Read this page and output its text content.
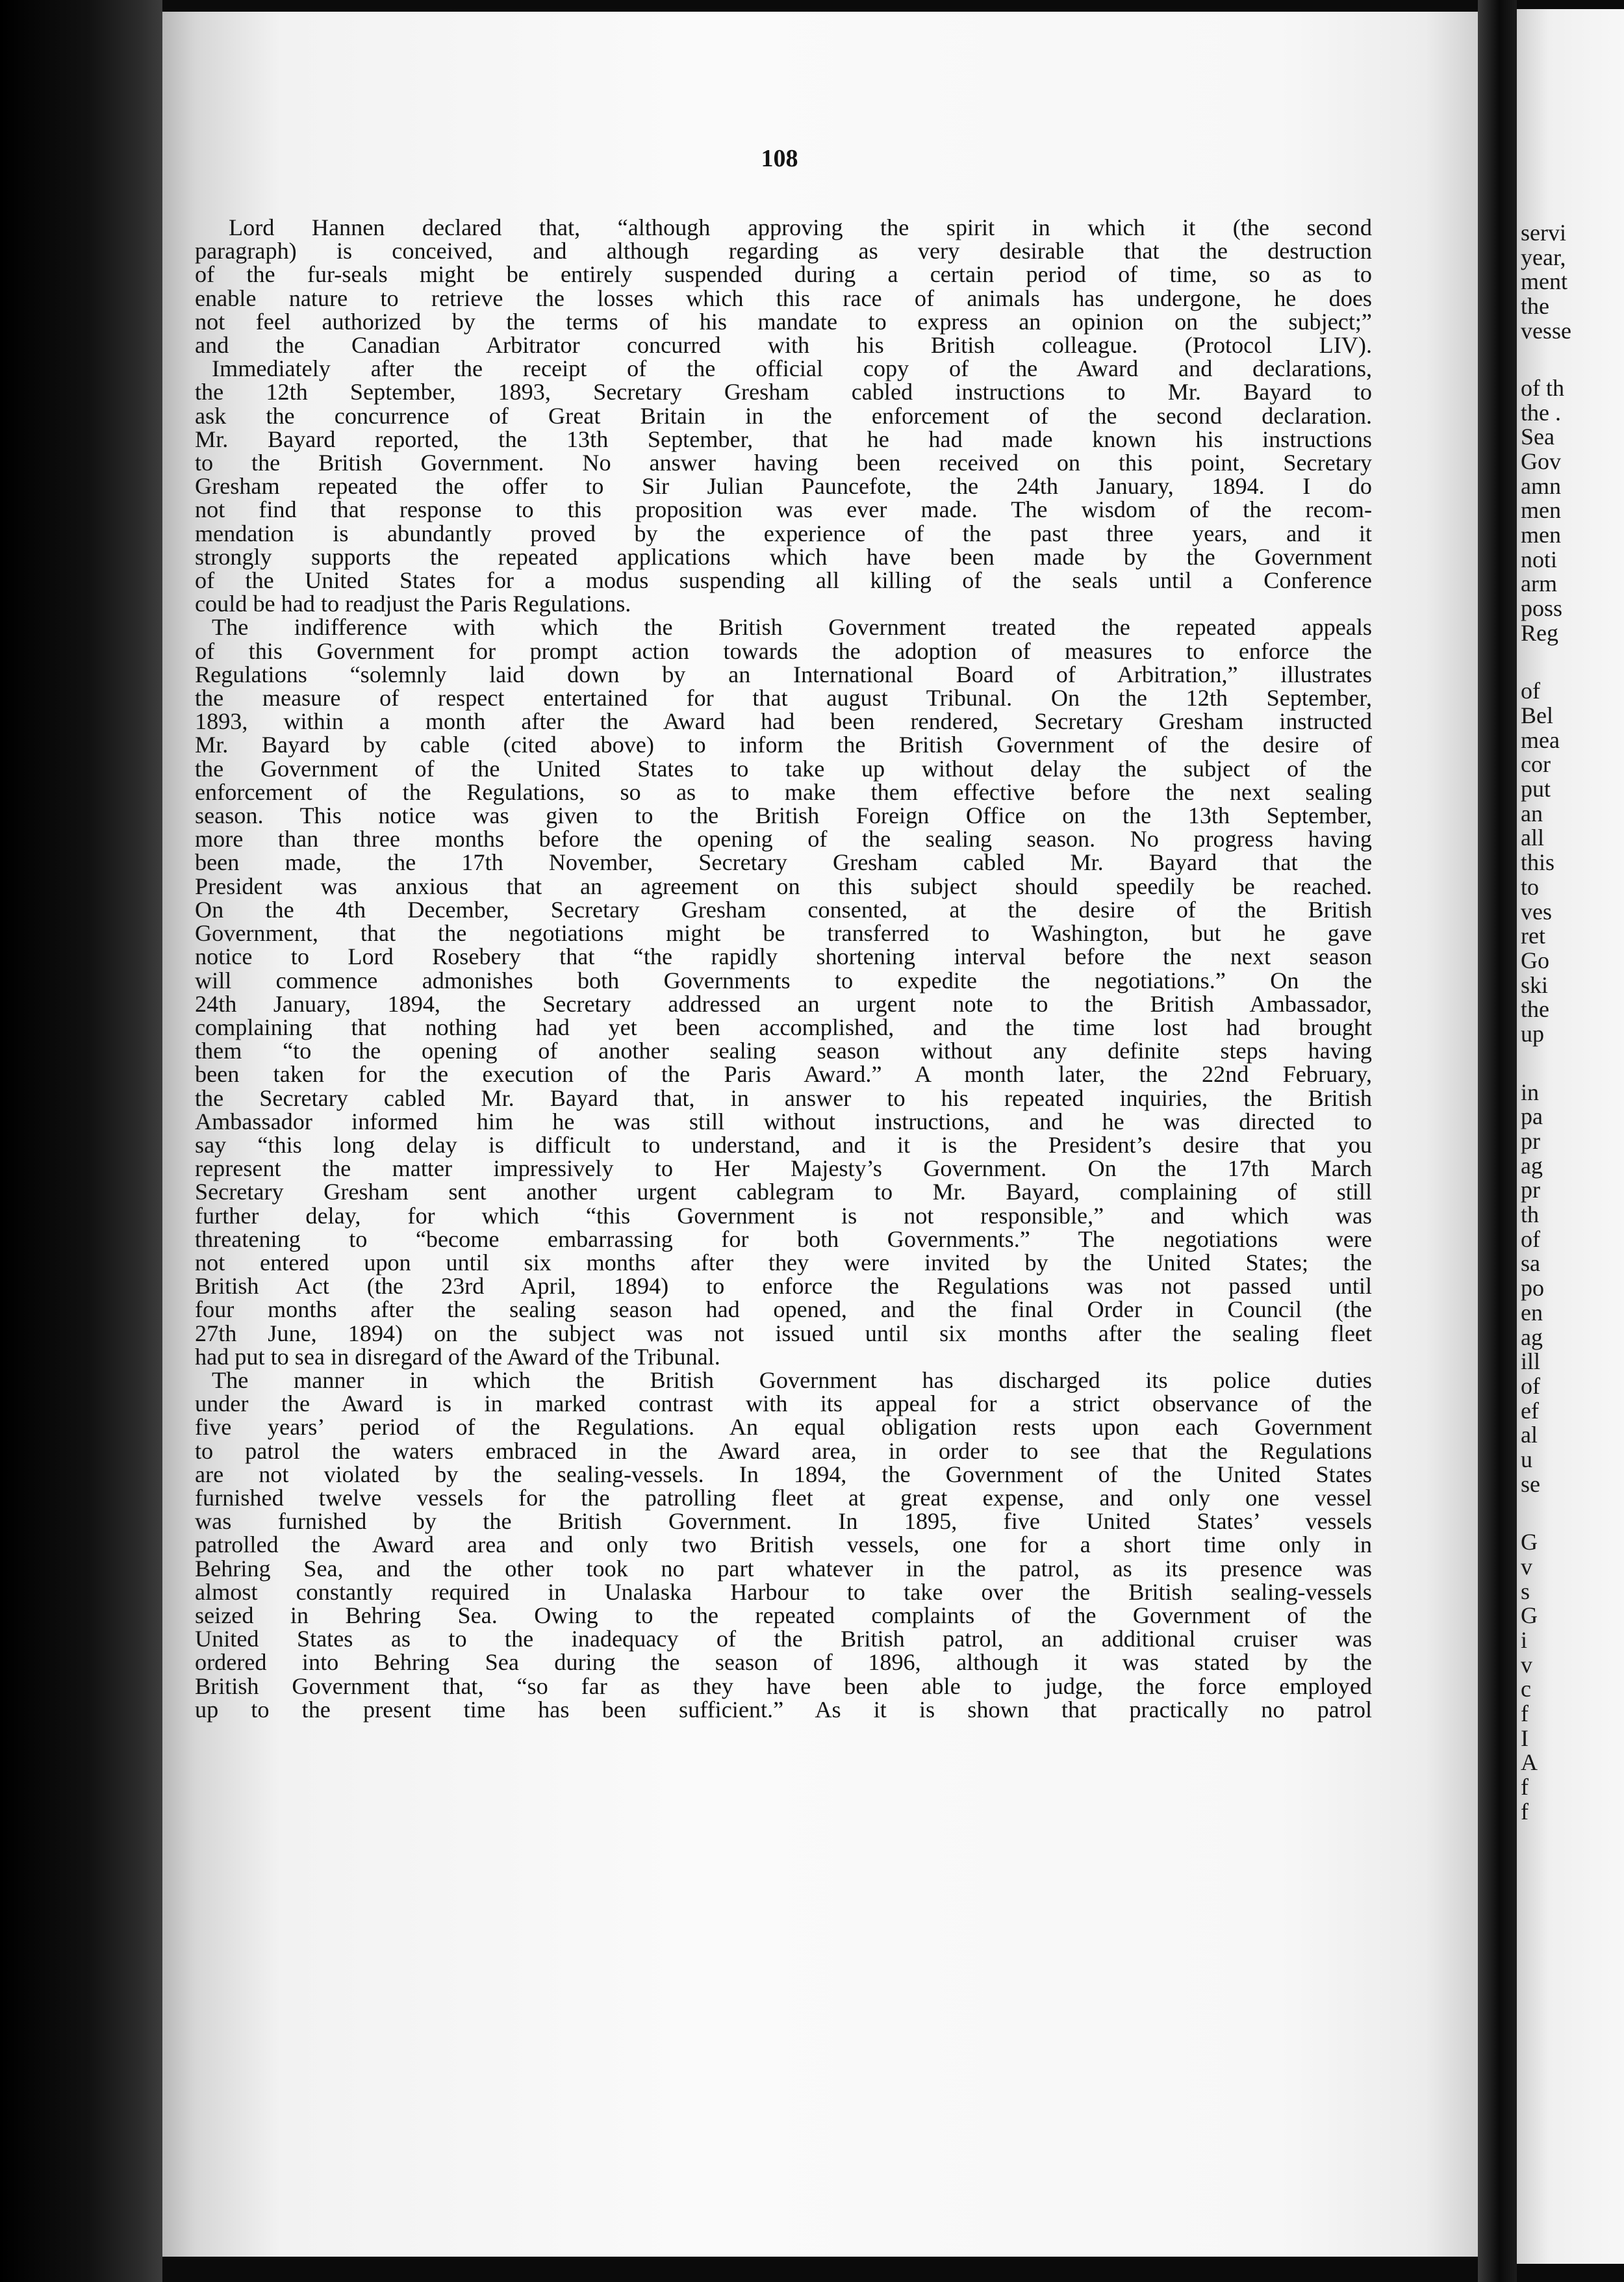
108
Lord Hannen declared that, “although approving the spirit in which it (the second
paragraph) is conceived, and although regarding as very desirable that the destruction
of the fur-seals might be entirely suspended during a certain period of time, so as to
enable nature to retrieve the losses which this race of animals has undergone, he does
not feel authorized by the terms of his mandate to express an opinion on the subject;”
and the Canadian Arbitrator concurred with his British colleague. (Protocol LIV).
Immediately after the receipt of the official copy of the Award and declarations,
the 12th September, 1893, Secretary Gresham cabled instructions to Mr. Bayard to
ask the concurrence of Great Britain in the enforcement of the second declaration.
Mr. Bayard reported, the 13th September, that he had made known his instructions
to the British Government. No answer having been received on this point, Secretary
Gresham repeated the offer to Sir Julian Pauncefote, the 24th January, 1894. I do
not find that response to this proposition was ever made. The wisdom of the recom-
mendation is abundantly proved by the experience of the past three years, and it
strongly supports the repeated applications which have been made by the Government
of the United States for a modus suspending all killing of the seals until a Conference
could be had to readjust the Paris Regulations.
The indifference with which the British Government treated the repeated appeals
of this Government for prompt action towards the adoption of measures to enforce the
Regulations “solemnly laid down by an International Board of Arbitration,” illustrates
the measure of respect entertained for that august Tribunal. On the 12th September,
1893, within a month after the Award had been rendered, Secretary Gresham instructed
Mr. Bayard by cable (cited above) to inform the British Government of the desire of
the Government of the United States to take up without delay the subject of the
enforcement of the Regulations, so as to make them effective before the next sealing
season. This notice was given to the British Foreign Office on the 13th September,
more than three months before the opening of the sealing season. No progress having
been made, the 17th November, Secretary Gresham cabled Mr. Bayard that the
President was anxious that an agreement on this subject should speedily be reached.
On the 4th December, Secretary Gresham consented, at the desire of the British
Government, that the negotiations might be transferred to Washington, but he gave
notice to Lord Rosebery that “the rapidly shortening interval before the next season
will commence admonishes both Governments to expedite the negotiations.” On the
24th January, 1894, the Secretary addressed an urgent note to the British Ambassador,
complaining that nothing had yet been accomplished, and the time lost had brought
them “to the opening of another sealing season without any definite steps having
been taken for the execution of the Paris Award.” A month later, the 22nd February,
the Secretary cabled Mr. Bayard that, in answer to his repeated inquiries, the British
Ambassador informed him he was still without instructions, and he was directed to
say “this long delay is difficult to understand, and it is the President’s desire that you
represent the matter impressively to Her Majesty’s Government. On the 17th March
Secretary Gresham sent another urgent cablegram to Mr. Bayard, complaining of still
further delay, for which “this Government is not responsible,” and which was
threatening to “become embarrassing for both Governments.” The negotiations were
not entered upon until six months after they were invited by the United States; the
British Act (the 23rd April, 1894) to enforce the Regulations was not passed until
four months after the sealing season had opened, and the final Order in Council (the
27th June, 1894) on the subject was not issued until six months after the sealing fleet
had put to sea in disregard of the Award of the Tribunal.
The manner in which the British Government has discharged its police duties
under the Award is in marked contrast with its appeal for a strict observance of the
five years’ period of the Regulations. An equal obligation rests upon each Government
to patrol the waters embraced in the Award area, in order to see that the Regulations
are not violated by the sealing-vessels. In 1894, the Government of the United States
furnished twelve vessels for the patrolling fleet at great expense, and only one vessel
was furnished by the British Government. In 1895, five United States’ vessels
patrolled the Award area and only two British vessels, one for a short time only in
Behring Sea, and the other took no part whatever in the patrol, as its presence was
almost constantly required in Unalaska Harbour to take over the British sealing-vessels
seized in Behring Sea. Owing to the repeated complaints of the Government of the
United States as to the inadequacy of the British patrol, an additional cruiser was
ordered into Behring Sea during the season of 1896, although it was stated by the
British Government that, “so far as they have been able to judge, the force employed
up to the present time has been sufficient.” As it is shown that practically no patrol
servi
year,
ment
the
vesse
of th
the .
Sea
Gov
amn
men
men
noti
arm
poss
Reg
of
Bel
mea
cor
put
an
all
this
to
ves
ret
Go
ski
the
up
in
pa
pr
ag
pr
th
of
sa
po
en
ag
ill
of
ef
al
u
se
G
v
s
G
i
v
c
f
I
A
f
f
